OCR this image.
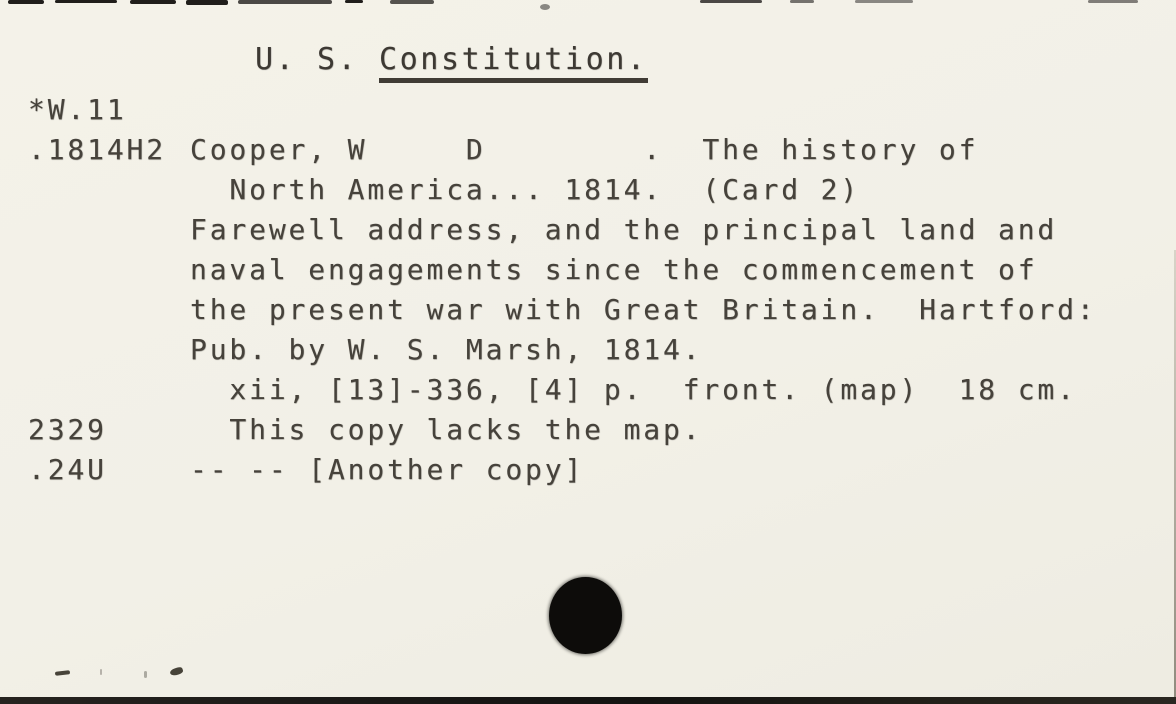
U. S. Constitution.
*W.11
.1814H2 Cooper, W     D        .  The history of
North America... 1814.  (Card 2)
Farewell address, and the principal land and
naval engagements since the commencement of
the present war with Great Britain.  Hartford:
Pub. by W. S. Marsh, 1814.
xii, [13]-336, [4] p.  front. (map)  18 cm.
2329	This copy lacks the map.
.24U	-- -- [Another copy]
